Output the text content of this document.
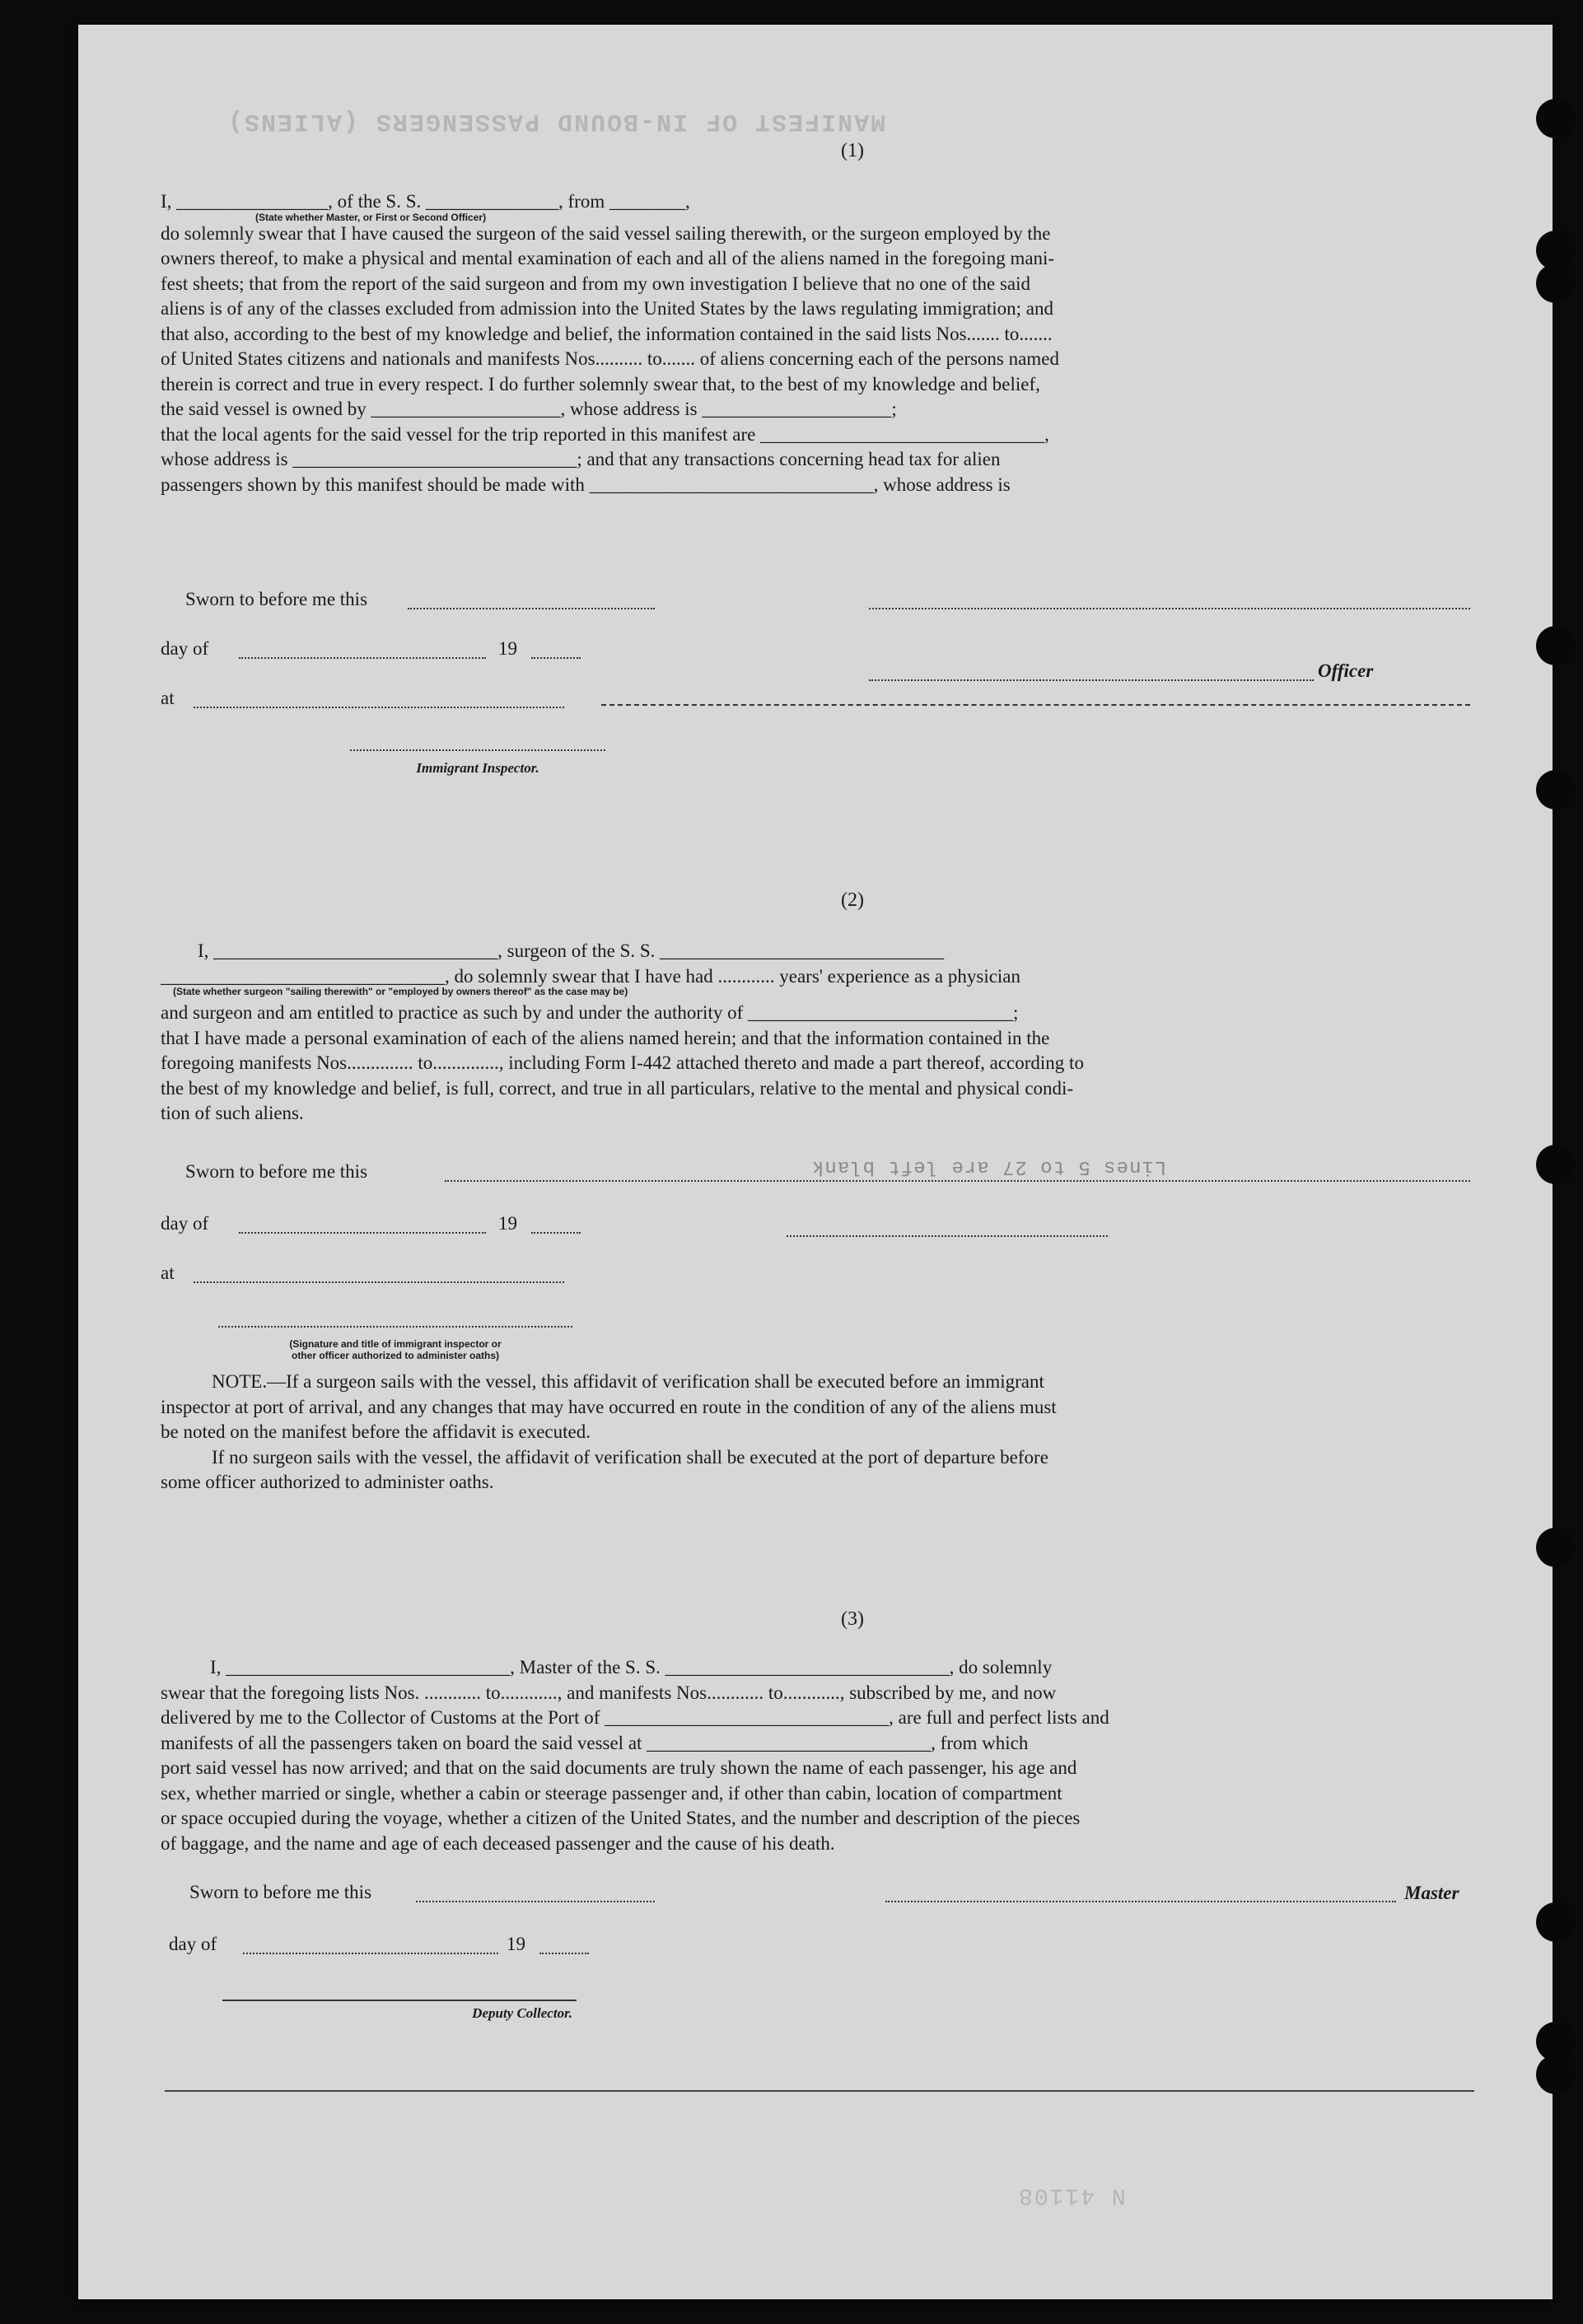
MANIFEST OF IN-BOUND PASSENGERS (ALIENS)
N 41108
(1)
I, ________________, of the S. S. ______________, from ________,
(State whether Master, or First or Second Officer)
do solemnly swear that I have caused the surgeon of the said vessel sailing therewith, or the surgeon employed by the
owners thereof, to make a physical and mental examination of each and all of the aliens named in the foregoing mani-
fest sheets; that from the report of the said surgeon and from my own investigation I believe that no one of the said
aliens is of any of the classes excluded from admission into the United States by the laws regulating immigration; and
that also, according to the best of my knowledge and belief, the information contained in the said lists Nos....... to.......
of United States citizens and nationals and manifests Nos.......... to....... of aliens concerning each of the persons named
therein is correct and true in every respect. I do further solemnly swear that, to the best of my knowledge and belief,
the said vessel is owned by ____________________, whose address is ____________________;
that the local agents for the said vessel for the trip reported in this manifest are ______________________________,
whose address is ______________________________; and that any transactions concerning head tax for alien
passengers shown by this manifest should be made with ______________________________, whose address is
Sworn to before me this
day of	19
Officer
at
Immigrant Inspector.
(2)
I, ______________________________, surgeon of the S. S. ______________________________
______________________________, do solemnly swear that I have had ............ years' experience as a physician
(State whether surgeon "sailing therewith" or "employed by owners thereof" as the case may be)
and surgeon and am entitled to practice as such by and under the authority of ____________________________;
that I have made a personal examination of each of the aliens named herein; and that the information contained in the
foregoing manifests Nos.............. to.............., including Form I-442 attached thereto and made a part thereof, according to
the best of my knowledge and belief, is full, correct, and true in all particulars, relative to the mental and physical condi-
tion of such aliens.
Sworn to before me this	Lines 5 to 27 are left blank
day of	19
at
(Signature and title of immigrant inspector or
other officer authorized to administer oaths)
NOTE.—If a surgeon sails with the vessel, this affidavit of verification shall be executed before an immigrant
inspector at port of arrival, and any changes that may have occurred en route in the condition of any of the aliens must
be noted on the manifest before the affidavit is executed.
If no surgeon sails with the vessel, the affidavit of verification shall be executed at the port of departure before
some officer authorized to administer oaths.
(3)
I, ______________________________, Master of the S. S. ______________________________, do solemnly
swear that the foregoing lists Nos. ............ to............, and manifests Nos............ to............, subscribed by me, and now
delivered by me to the Collector of Customs at the Port of ______________________________, are full and perfect lists and
manifests of all the passengers taken on board the said vessel at ______________________________, from which
port said vessel has now arrived; and that on the said documents are truly shown the name of each passenger, his age and
sex, whether married or single, whether a cabin or steerage passenger and, if other than cabin, location of compartment
or space occupied during the voyage, whether a citizen of the United States, and the number and description of the pieces
of baggage, and the name and age of each deceased passenger and the cause of his death.
Sworn to before me this	Master
day of	19
Deputy Collector.
